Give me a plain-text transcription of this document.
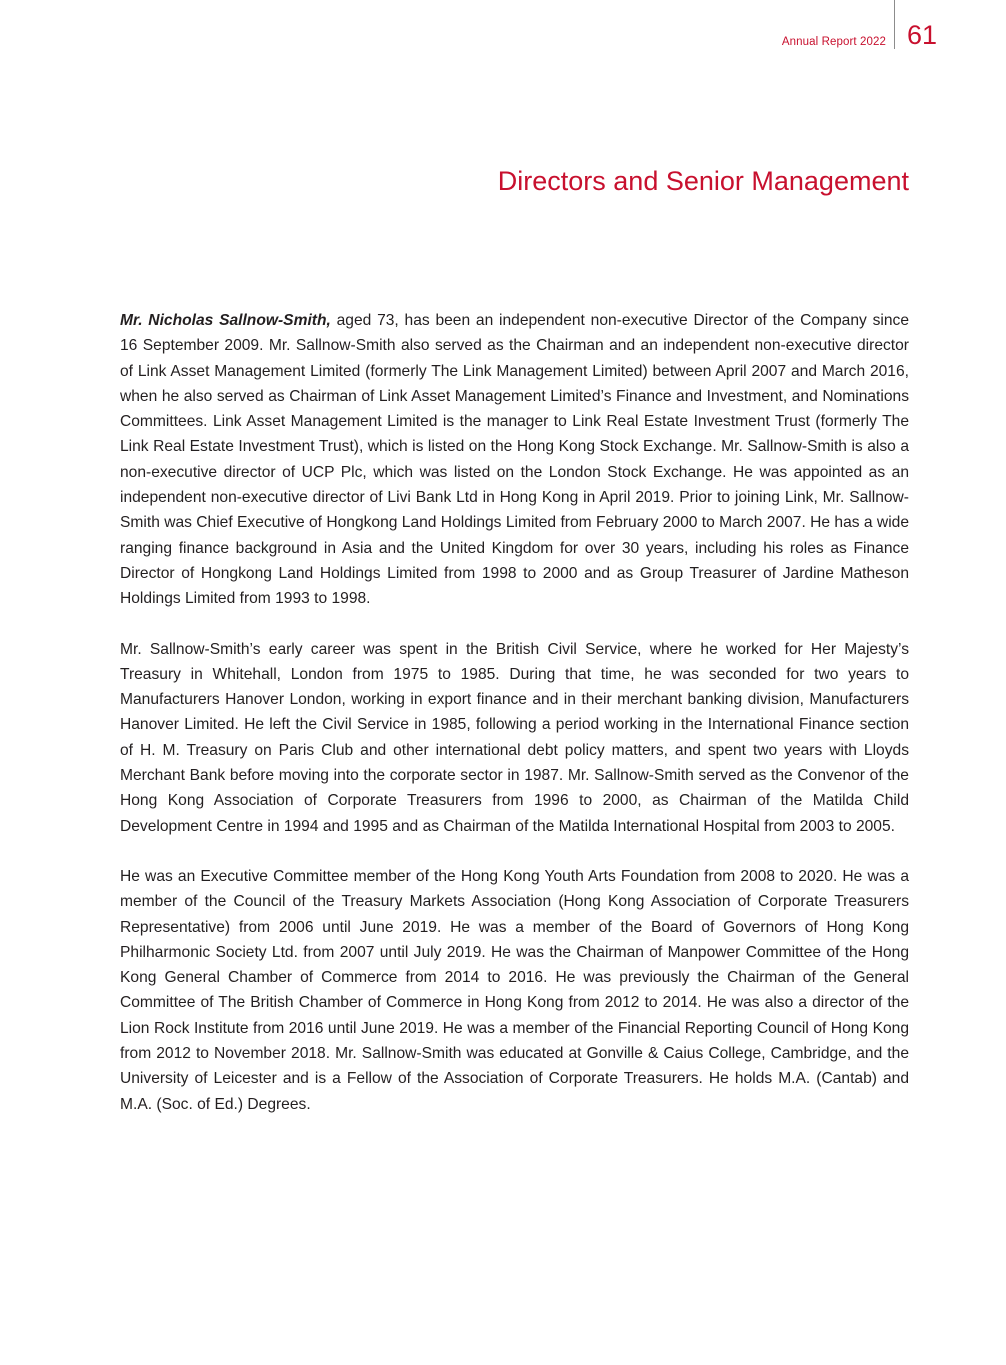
Annual Report 2022 61
Directors and Senior Management

Mr. Nicholas Sallnow-Smith, aged 73, has been an independent non-executive Director of the Company since 16 September 2009. Mr. Sallnow-Smith also served as the Chairman and an independent non-executive director of Link Asset Management Limited (formerly The Link Management Limited) between April 2007 and March 2016, when he also served as Chairman of Link Asset Management Limited’s Finance and Investment, and Nominations Committees. Link Asset Management Limited is the manager to Link Real Estate Investment Trust (formerly The Link Real Estate Investment Trust), which is listed on the Hong Kong Stock Exchange. Mr. Sallnow-Smith is also a non-executive director of UCP Plc, which was listed on the London Stock Exchange. He was appointed as an independent non-executive director of Livi Bank Ltd in Hong Kong in April 2019. Prior to joining Link, Mr. Sallnow-Smith was Chief Executive of Hongkong Land Holdings Limited from February 2000 to March 2007. He has a wide ranging finance background in Asia and the United Kingdom for over 30 years, including his roles as Finance Director of Hongkong Land Holdings Limited from 1998 to 2000 and as Group Treasurer of Jardine Matheson Holdings Limited from 1993 to 1998.

Mr. Sallnow-Smith’s early career was spent in the British Civil Service, where he worked for Her Majesty’s Treasury in Whitehall, London from 1975 to 1985. During that time, he was seconded for two years to Manufacturers Hanover London, working in export finance and in their merchant banking division, Manufacturers Hanover Limited. He left the Civil Service in 1985, following a period working in the International Finance section of H. M. Treasury on Paris Club and other international debt policy matters, and spent two years with Lloyds Merchant Bank before moving into the corporate sector in 1987. Mr. Sallnow-Smith served as the Convenor of the Hong Kong Association of Corporate Treasurers from 1996 to 2000, as Chairman of the Matilda Child Development Centre in 1994 and 1995 and as Chairman of the Matilda International Hospital from 2003 to 2005.

He was an Executive Committee member of the Hong Kong Youth Arts Foundation from 2008 to 2020. He was a member of the Council of the Treasury Markets Association (Hong Kong Association of Corporate Treasurers Representative) from 2006 until June 2019. He was a member of the Board of Governors of Hong Kong Philharmonic Society Ltd. from 2007 until July 2019. He was the Chairman of Manpower Committee of the Hong Kong General Chamber of Commerce from 2014 to 2016. He was previously the Chairman of the General Committee of The British Chamber of Commerce in Hong Kong from 2012 to 2014. He was also a director of the Lion Rock Institute from 2016 until June 2019. He was a member of the Financial Reporting Council of Hong Kong from 2012 to November 2018. Mr. Sallnow-Smith was educated at Gonville & Caius College, Cambridge, and the University of Leicester and is a Fellow of the Association of Corporate Treasurers. He holds M.A. (Cantab) and M.A. (Soc. of Ed.) Degrees.
